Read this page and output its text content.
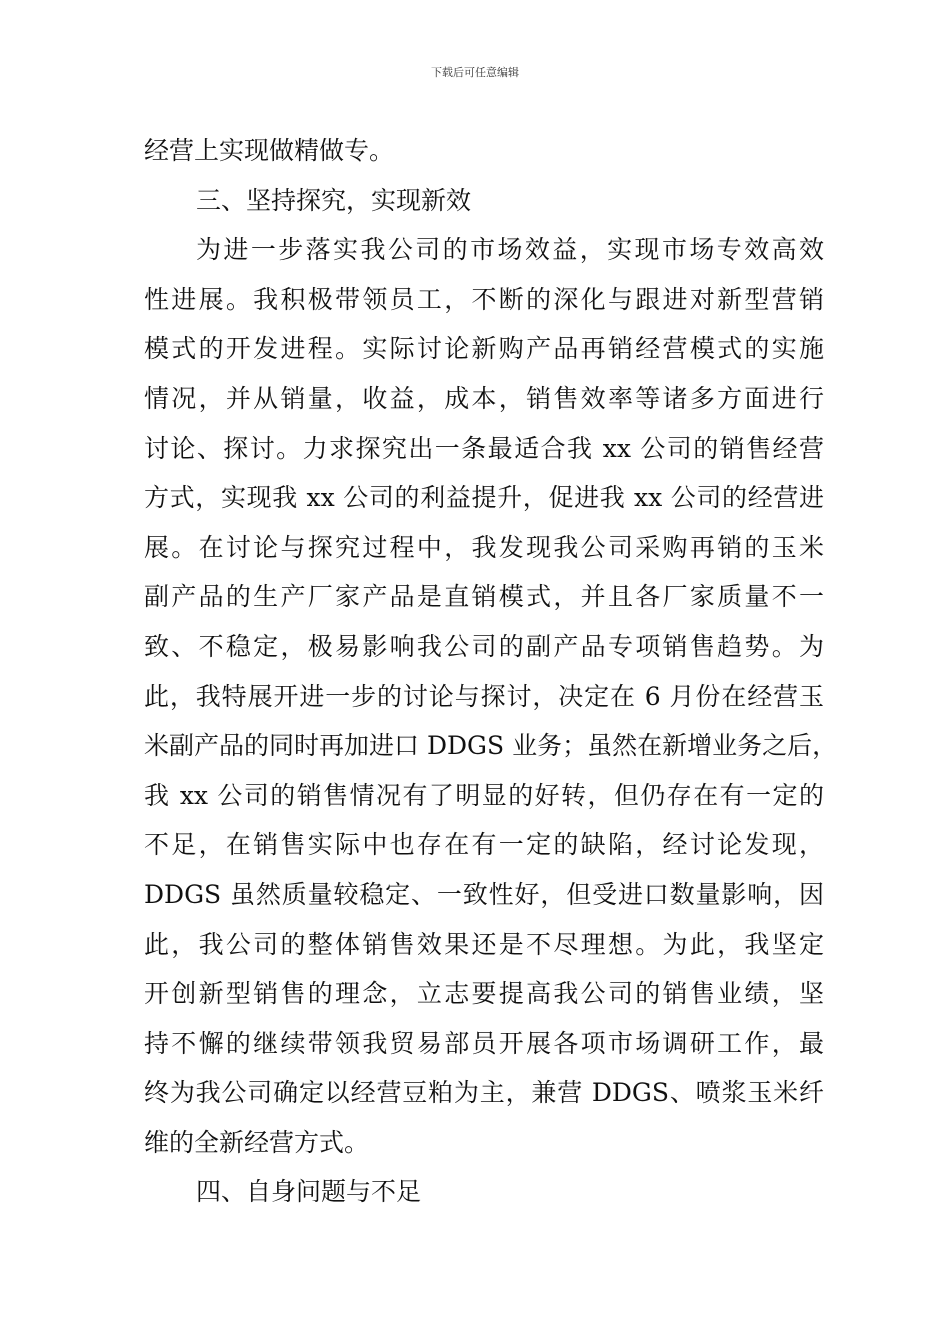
下载后可任意编辑
经营上实现做精做专。
三、坚持探究，实现新效
为进一步落实我公司的市场效益，实现市场专效高效
性进展。我积极带领员工，不断的深化与跟进对新型营销
模式的开发进程。实际讨论新购产品再销经营模式的实施
情况，并从销量，收益，成本，销售效率等诸多方面进行
讨论、探讨。力求探究出一条最适合我 xx 公司的销售经营
方式，实现我 xx 公司的利益提升，促进我 xx 公司的经营进
展。在讨论与探究过程中，我发现我公司采购再销的玉米
副产品的生产厂家产品是直销模式，并且各厂家质量不一
致、不稳定，极易影响我公司的副产品专项销售趋势。为
此，我特展开进一步的讨论与探讨，决定在 6 月份在经营玉
米副产品的同时再加进口 DDGS 业务；虽然在新增业务之后，
我 xx 公司的销售情况有了明显的好转，但仍存在有一定的
不足，在销售实际中也存在有一定的缺陷，经讨论发现，
DDGS 虽然质量较稳定、一致性好，但受进口数量影响，因
此，我公司的整体销售效果还是不尽理想。为此，我坚定
开创新型销售的理念，立志要提高我公司的销售业绩，坚
持不懈的继续带领我贸易部员开展各项市场调研工作，最
终为我公司确定以经营豆粕为主，兼营 DDGS、喷浆玉米纤
维的全新经营方式。
四、自身问题与不足
